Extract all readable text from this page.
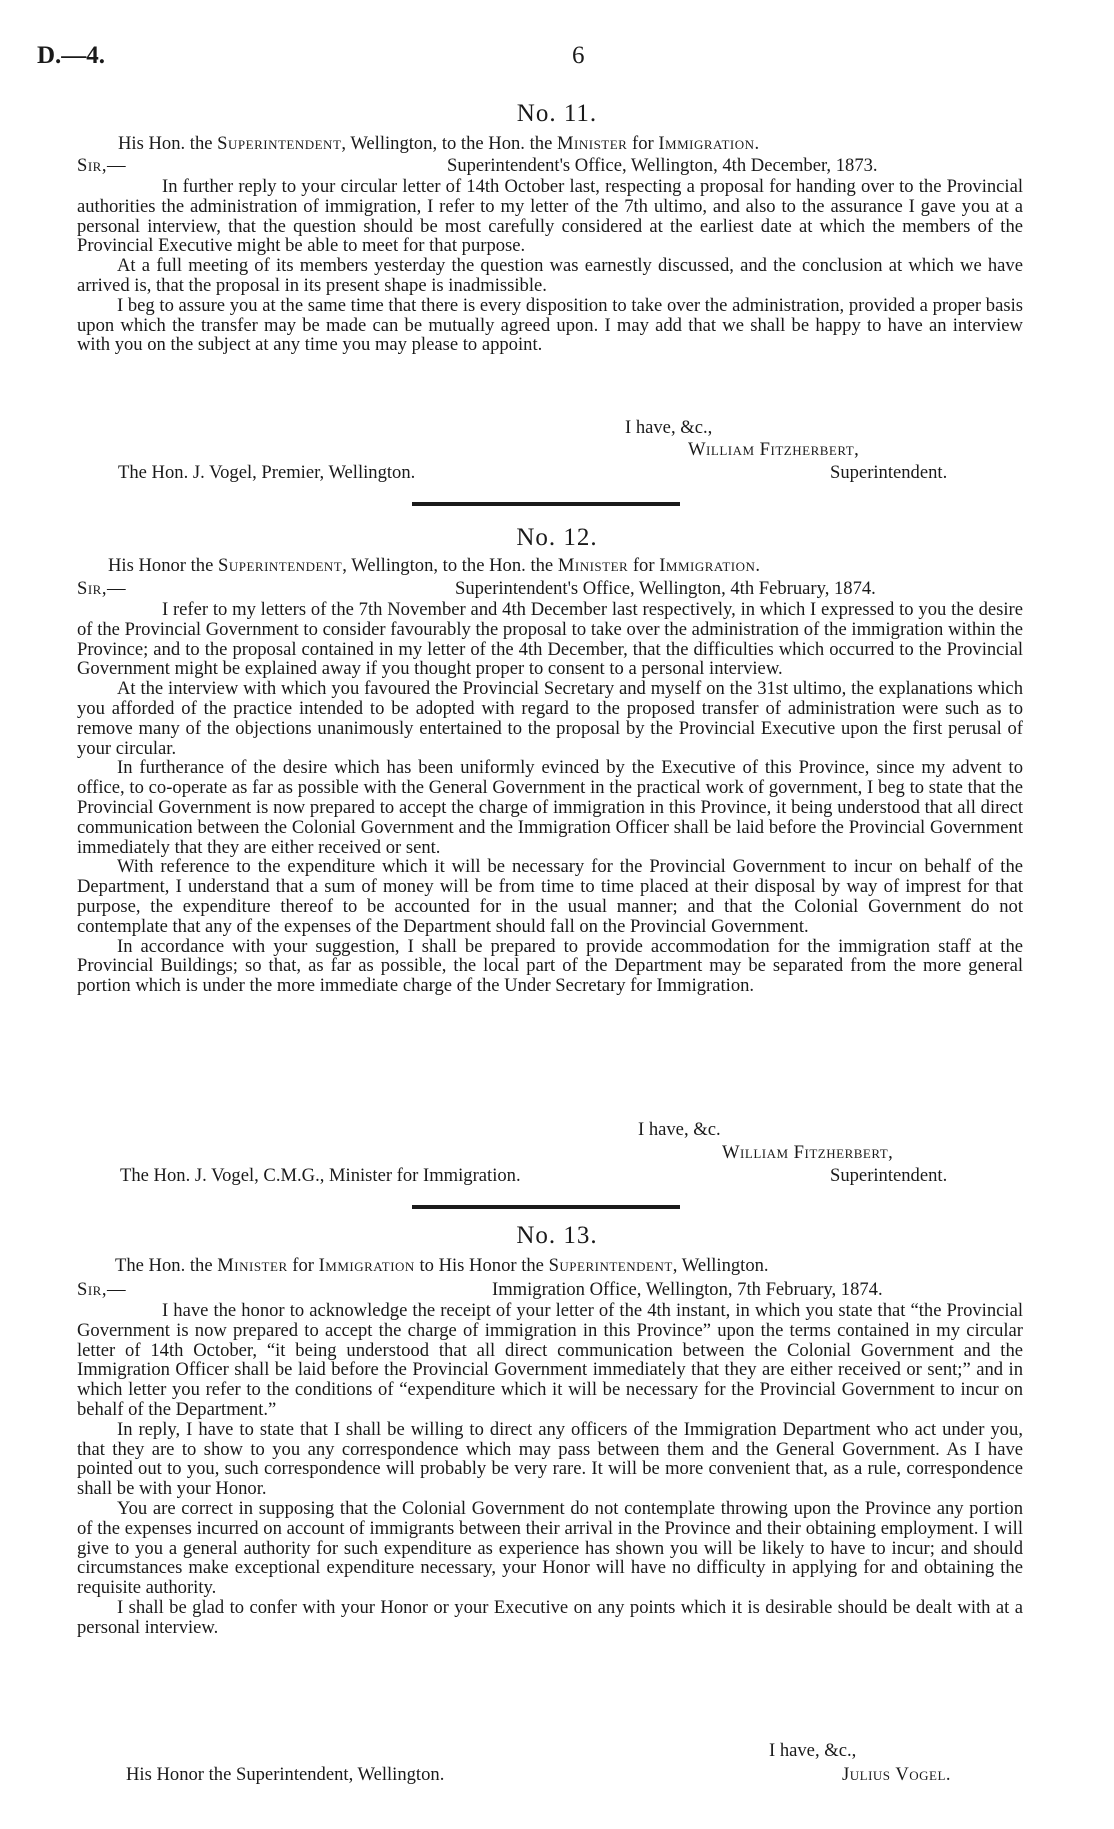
D.—4.	6
No. 11.
His Hon. the Superintendent, Wellington, to the Hon. the Minister for Immigration.
Sir,—	Superintendent's Office, Wellington, 4th December, 1873.

In further reply to your circular letter of 14th October last, respecting a proposal for handing over to the Provincial authorities the administration of immigration, I refer to my letter of the 7th ultimo, and also to the assurance I gave you at a personal interview, that the question should be most carefully considered at the earliest date at which the members of the Provincial Executive might be able to meet for that purpose.

At a full meeting of its members yesterday the question was earnestly discussed, and the conclusion at which we have arrived is, that the proposal in its present shape is inadmissible.

I beg to assure you at the same time that there is every disposition to take over the administration, provided a proper basis upon which the transfer may be made can be mutually agreed upon. I may add that we shall be happy to have an interview with you on the subject at any time you may please to appoint.

I have, &c.,
William Fitzherbert,
The Hon. J. Vogel, Premier, Wellington.	Superintendent.
No. 12.
His Honor the Superintendent, Wellington, to the Hon. the Minister for Immigration.
Sir,—	Superintendent's Office, Wellington, 4th February, 1874.

I refer to my letters of the 7th November and 4th December last respectively, in which I expressed to you the desire of the Provincial Government to consider favourably the proposal to take over the administration of the immigration within the Province; and to the proposal contained in my letter of the 4th December, that the difficulties which occurred to the Provincial Government might be explained away if you thought proper to consent to a personal interview.

At the interview with which you favoured the Provincial Secretary and myself on the 31st ultimo, the explanations which you afforded of the practice intended to be adopted with regard to the proposed transfer of administration were such as to remove many of the objections unanimously entertained to the proposal by the Provincial Executive upon the first perusal of your circular.

In furtherance of the desire which has been uniformly evinced by the Executive of this Province, since my advent to office, to co-operate as far as possible with the General Government in the practical work of government, I beg to state that the Provincial Government is now prepared to accept the charge of immigration in this Province, it being understood that all direct communication between the Colonial Government and the Immigration Officer shall be laid before the Provincial Government immediately that they are either received or sent.

With reference to the expenditure which it will be necessary for the Provincial Government to incur on behalf of the Department, I understand that a sum of money will be from time to time placed at their disposal by way of imprest for that purpose, the expenditure thereof to be accounted for in the usual manner; and that the Colonial Government do not contemplate that any of the expenses of the Department should fall on the Provincial Government.

In accordance with your suggestion, I shall be prepared to provide accommodation for the immigration staff at the Provincial Buildings; so that, as far as possible, the local part of the Department may be separated from the more general portion which is under the more immediate charge of the Under Secretary for Immigration.

I have, &c.
William Fitzherbert,
The Hon. J. Vogel, C.M.G., Minister for Immigration.	Superintendent.
No. 13.
The Hon. the Minister for Immigration to His Honor the Superintendent, Wellington.
Sir,—	Immigration Office, Wellington, 7th February, 1874.

I have the honor to acknowledge the receipt of your letter of the 4th instant, in which you state that “the Provincial Government is now prepared to accept the charge of immigration in this Province” upon the terms contained in my circular letter of 14th October, “it being understood that all direct communication between the Colonial Government and the Immigration Officer shall be laid before the Provincial Government immediately that they are either received or sent;” and in which letter you refer to the conditions of “expenditure which it will be necessary for the Provincial Government to incur on behalf of the Department.”

In reply, I have to state that I shall be willing to direct any officers of the Immigration Department who act under you, that they are to show to you any correspondence which may pass between them and the General Government. As I have pointed out to you, such correspondence will probably be very rare. It will be more convenient that, as a rule, correspondence shall be with your Honor.

You are correct in supposing that the Colonial Government do not contemplate throwing upon the Province any portion of the expenses incurred on account of immigrants between their arrival in the Province and their obtaining employment. I will give to you a general authority for such expenditure as experience has shown you will be likely to have to incur; and should circumstances make exceptional expenditure necessary, your Honor will have no difficulty in applying for and obtaining the requisite authority.

I shall be glad to confer with your Honor or your Executive on any points which it is desirable should be dealt with at a personal interview.

I have, &c.,
His Honor the Superintendent, Wellington.	Julius Vogel.
